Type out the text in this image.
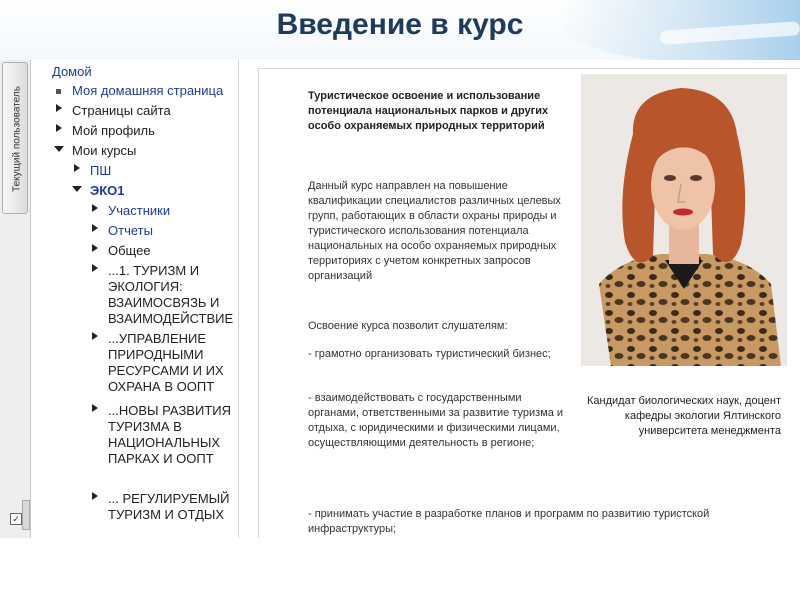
Введение в курс
Текущий пользователь
✓
Домой
Моя домашняя страница
Страницы сайта
Мой профиль
Мои курсы
ПШ
ЭКО1
Участники
Отчеты
Общее
...1. ТУРИЗМ И ЭКОЛОГИЯ: ВЗАИМОСВЯЗЬ И ВЗАИМОДЕЙСТВИЕ
...УПРАВЛЕНИЕ ПРИРОДНЫМИ РЕСУРСАМИ И ИХ ОХРАНА В ООПТ
...НОВЫ РАЗВИТИЯ ТУРИЗМА В НАЦИОНАЛЬНЫХ ПАРКАХ И ООПТ
... РЕГУЛИРУЕМЫЙ ТУРИЗМ И ОТДЫХ
Туристическое освоение и использование потенциала национальных парков и других особо охраняемых природных территорий
Данный курс направлен на повышение квалификации специалистов различных целевых групп, работающих в области охраны природы и туристического использования потенциала национальных на особо охраняемых природных территориях с учетом конкретных запросов организаций
Освоение курса позволит слушателям:
- грамотно организовать туристический бизнес;
- взаимодействовать с государственными органами, ответственными за развитие туризма и отдыха, с юридическими и физическими лицами, осуществляющими деятельность в регионе;
- принимать участие в разработке планов и программ по развитию туристской инфраструктуры;
Кандидат биологических наук, доцент кафедры экологии Ялтинского университета менеджмента
